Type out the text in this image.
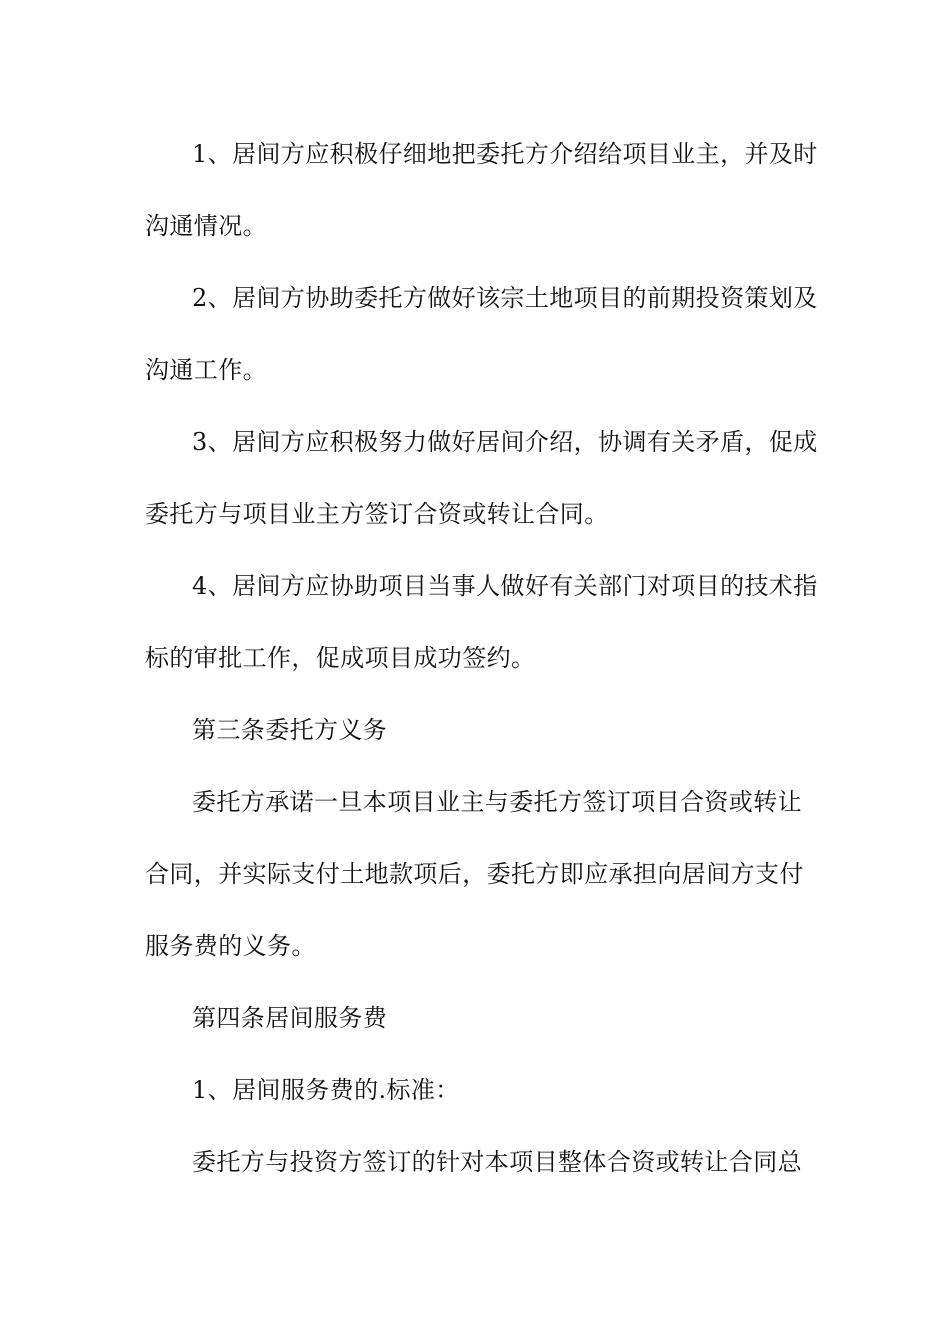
1、居间方应积极仔细地把委托方介绍给项目业主，并及时
沟通情况。
2、居间方协助委托方做好该宗土地项目的前期投资策划及
沟通工作。
3、居间方应积极努力做好居间介绍，协调有关矛盾，促成
委托方与项目业主方签订合资或转让合同。
4、居间方应协助项目当事人做好有关部门对项目的技术指
标的审批工作，促成项目成功签约。
第三条委托方义务
委托方承诺一旦本项目业主与委托方签订项目合资或转让
合同，并实际支付土地款项后，委托方即应承担向居间方支付
服务费的义务。
第四条居间服务费
1、居间服务费的.标准：
委托方与投资方签订的针对本项目整体合资或转让合同总
